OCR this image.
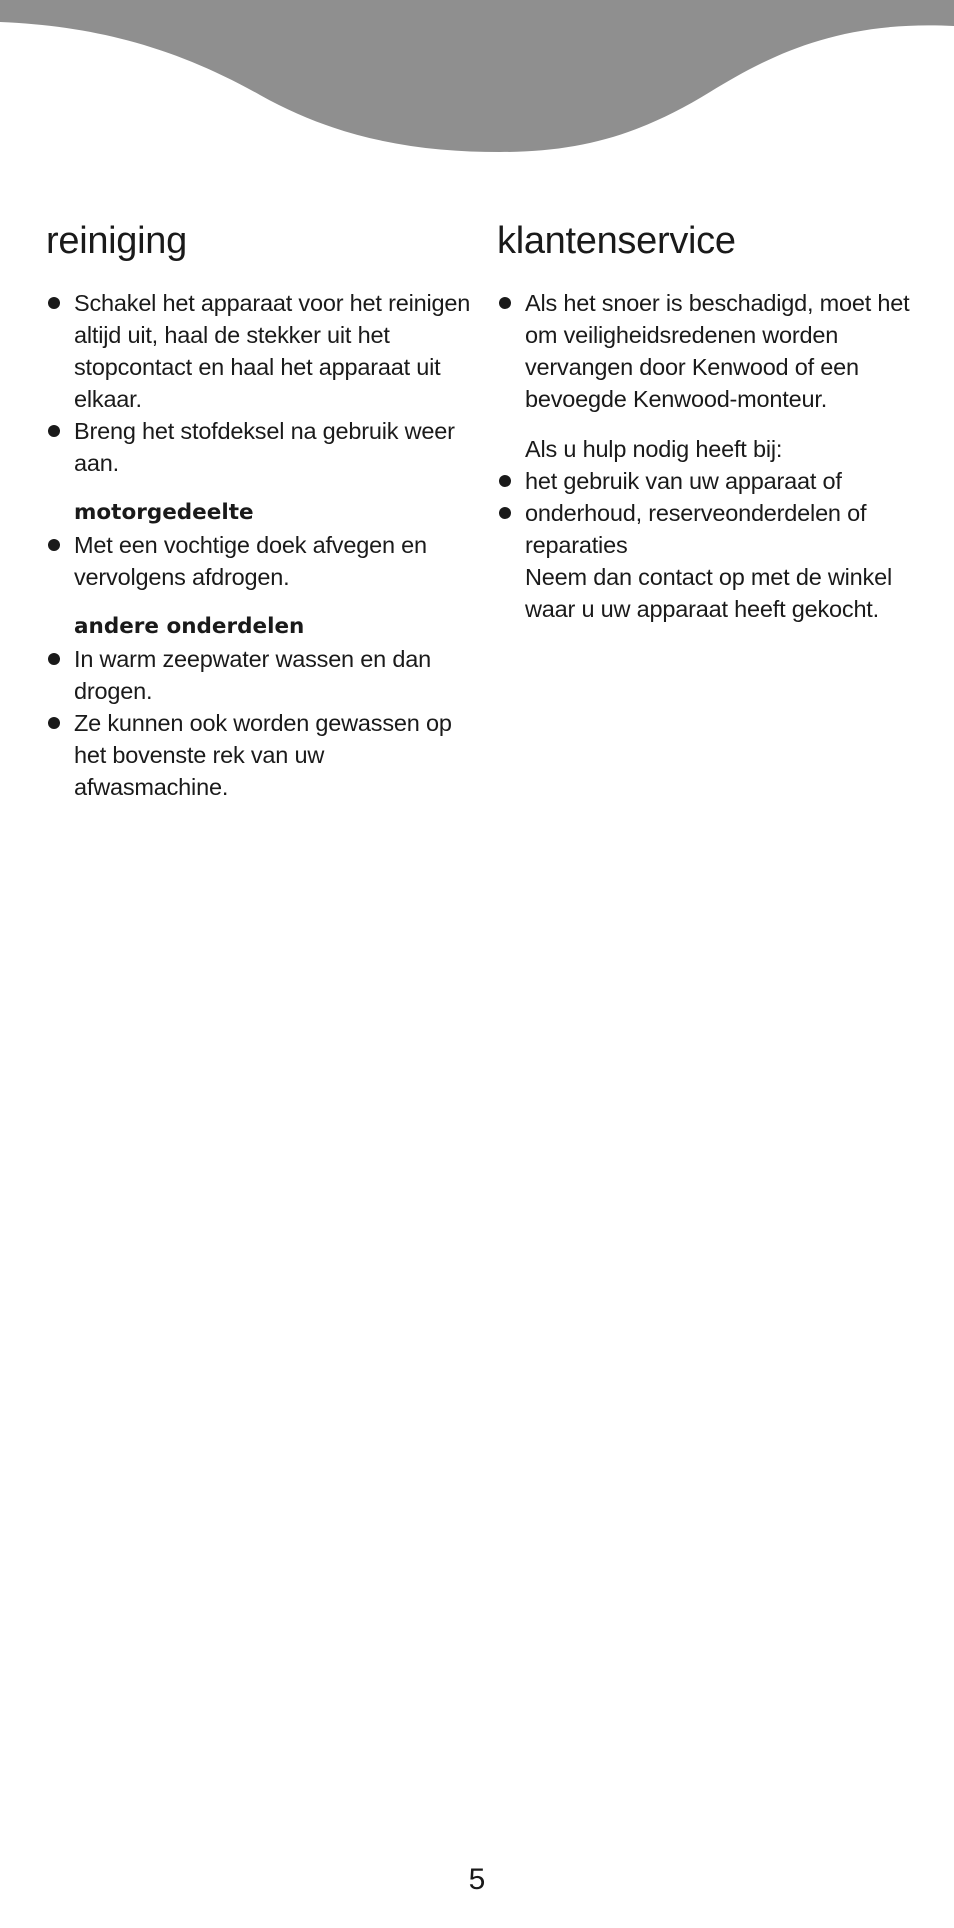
reiniging
Schakel het apparaat voor het reinigen altijd uit, haal de stekker uit het stopcontact en haal het apparaat uit elkaar.
Breng het stofdeksel na gebruik weer aan.
motorgedeelte
Met een vochtige doek afvegen en vervolgens afdrogen.
andere onderdelen
In warm zeepwater wassen en dan drogen.
Ze kunnen ook worden gewassen op het bovenste rek van uw afwasmachine.
klantenservice
Als het snoer is beschadigd, moet het om veiligheidsredenen worden vervangen door Kenwood of een bevoegde Kenwood-monteur.

Als u hulp nodig heeft bij:

het gebruik van uw apparaat of
onderhoud, reserveonderdelen of reparaties

Neem dan contact op met de winkel waar u uw apparaat heeft gekocht.

5
